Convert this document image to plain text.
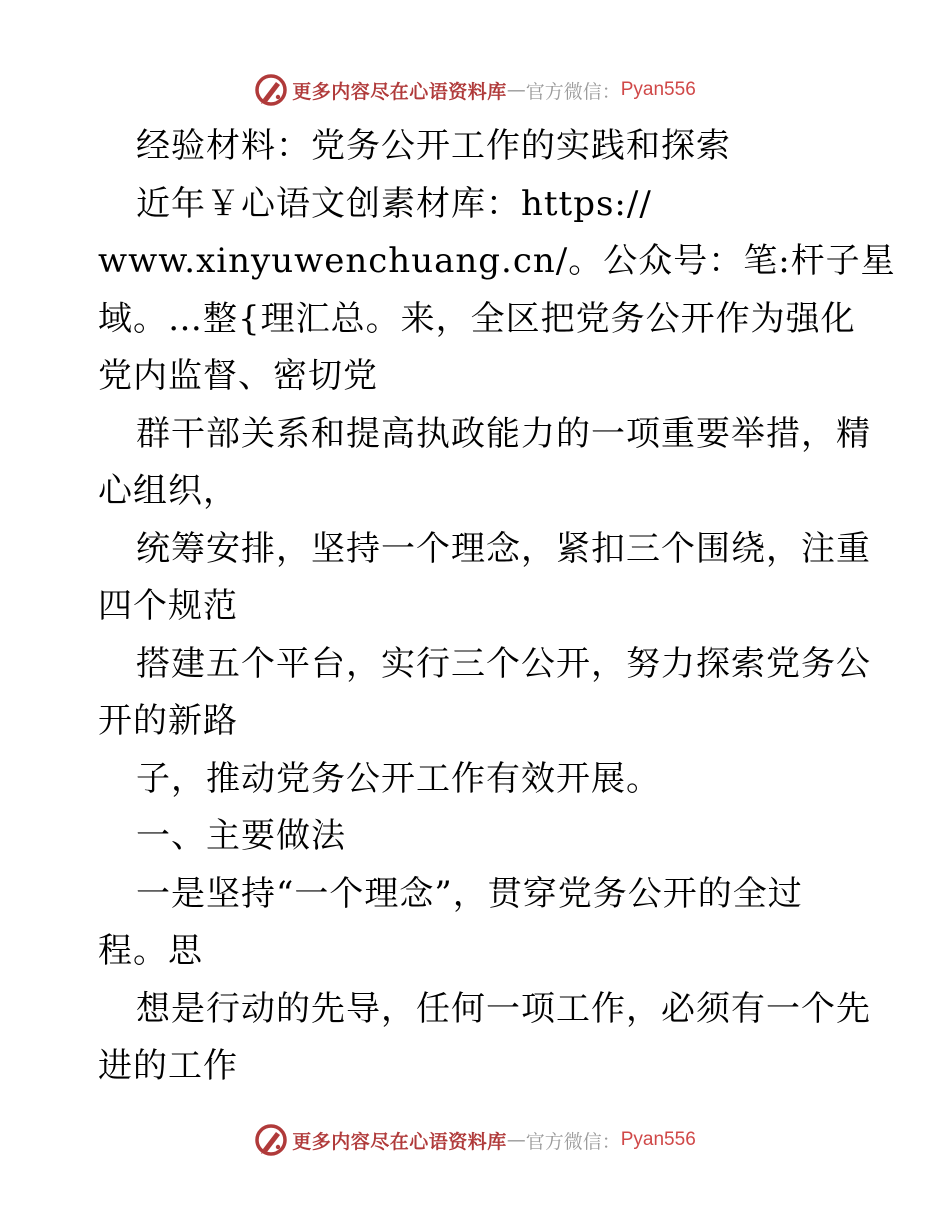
更多内容尽在心语资料库 — 官方微信： Pyan556
经验材料：党务公开工作的实践和探索
近年￥心语文创素材库：https://
www.xinyuwenchuang.cn/。公众号：笔:杆子星
域。…整{理汇总。来，全区把党务公开作为强化
党内监督、密切党
群干部关系和提高执政能力的一项重要举措，精
心组织，
统筹安排，坚持一个理念，紧扣三个围绕，注重
四个规范
搭建五个平台，实行三个公开，努力探索党务公
开的新路
子，推动党务公开工作有效开展。
一、主要做法
一是坚持“一个理念”，贯穿党务公开的全过
程。思
想是行动的先导，任何一项工作，必须有一个先
进的工作
更多内容尽在心语资料库 — 官方微信： Pyan556
